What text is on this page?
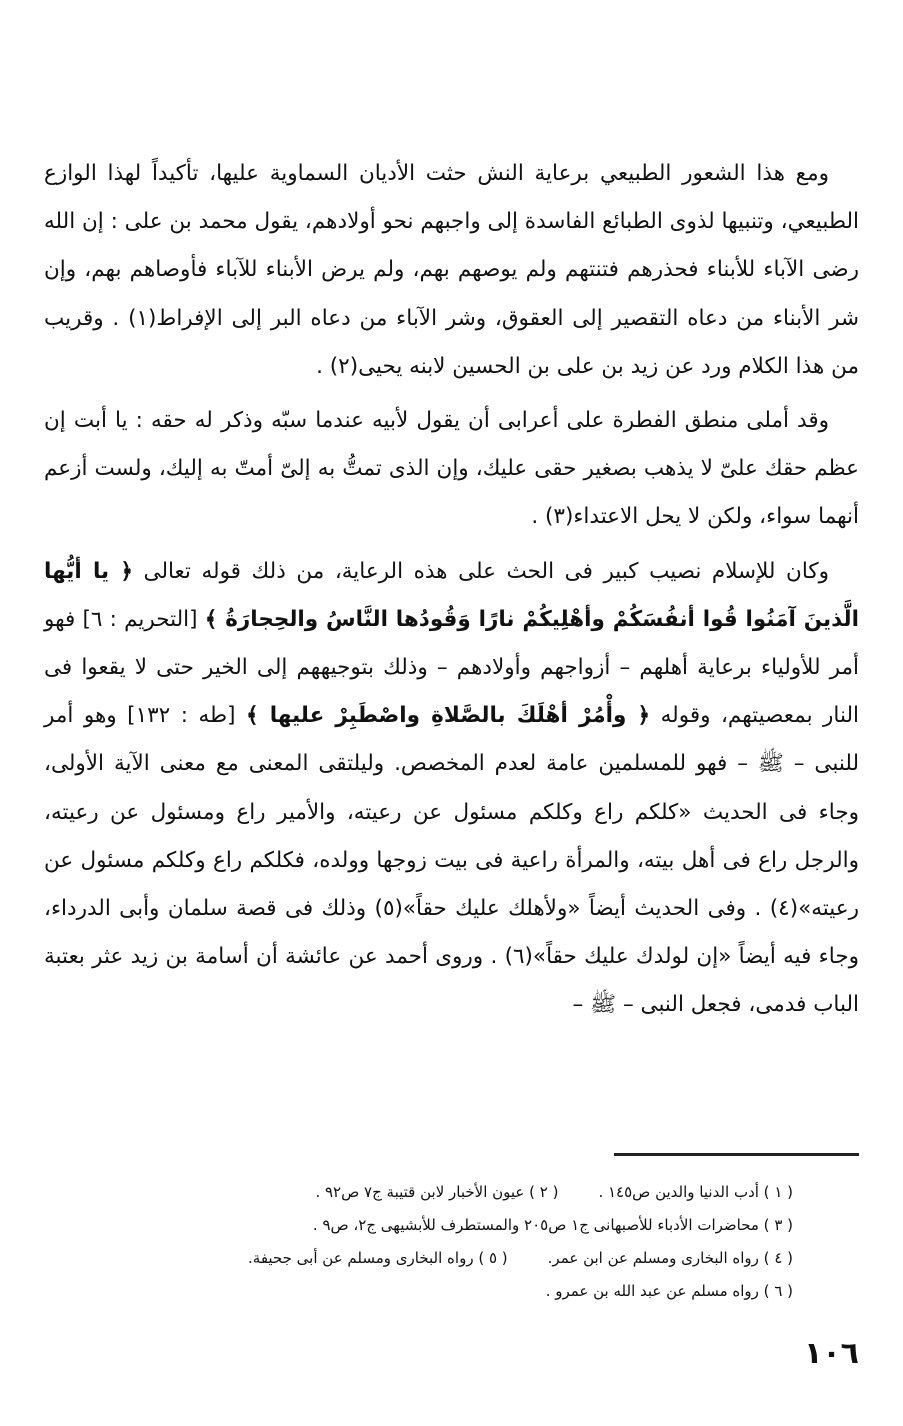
ومع هذا الشعور الطبيعي برعاية النش حثت الأديان السماوية عليها، تأكيداً لهذا الوازع الطبيعي، وتنبيها لذوى الطبائع الفاسدة إلى واجبهم نحو أولادهم، يقول محمد بن على : إن الله رضى الآباء للأبناء فحذرهم فتنتهم ولم يوصهم بهم، ولم يرض الأبناء للآباء فأوصاهم بهم، وإن شر الأبناء من دعاه التقصير إلى العقوق، وشر الآباء من دعاه البر إلى الإفراط(١) . وقريب من هذا الكلام ورد عن زيد بن على بن الحسين لابنه يحيى(٢) .

وقد أملى منطق الفطرة على أعرابى أن يقول لأبيه عندما سبّه وذكر له حقه : يا أبت إن عظم حقك علىّ لا يذهب بصغير حقى عليك، وإن الذى تمتُّ به إلىّ أمتّ به إليك، ولست أزعم أنهما سواء، ولكن لا يحل الاعتداء(٣) .

وكان للإسلام نصيب كبير فى الحث على هذه الرعاية، من ذلك قوله تعالى ﴿ يا أيُّها الَّذينَ آمَنُوا قُوا أنفُسَكُمْ وأهْلِيكُمْ نارًا وَقُودُها النَّاسُ والحِجارَةُ ﴾ [التحريم : ٦] فهو أمر للأولياء برعاية أهلهم – أزواجهم وأولادهم – وذلك بتوجيههم إلى الخير حتى لا يقعوا فى النار بمعصيتهم، وقوله ﴿ وأْمُرْ أهْلَكَ بالصَّلاةِ واصْطَبِرْ عليها ﴾ [طه : ١٣٢] وهو أمر للنبى – ﷺ – فهو للمسلمين عامة لعدم المخصص. وليلتقى المعنى مع معنى الآية الأولى، وجاء فى الحديث «كلكم راع وكلكم مسئول عن رعيته، والأمير راع ومسئول عن رعيته، والرجل راع فى أهل بيته، والمرأة راعية فى بيت زوجها وولده، فكلكم راع وكلكم مسئول عن رعيته»(٤) . وفى الحديث أيضاً «ولأهلك عليك حقاً»(٥) وذلك فى قصة سلمان وأبى الدرداء، وجاء فيه أيضاً «إن لولدك عليك حقاً»(٦) . وروى أحمد عن عائشة أن أسامة بن زيد عثر بعتبة الباب فدمى، فجعل النبى – ﷺ –

( ١ ) أدب الدنيا والدين ص١٤٥ .( ٢ ) عيون الأخبار لابن قتيبة ج٧ ص٩٢ .
( ٣ ) محاضرات الأدباء للأصبهانى ج١ ص٢٠٥ والمستطرف للأبشيهى ج٢، ص٩ .
( ٤ ) رواه البخارى ومسلم عن ابن عمر.( ٥ ) رواه البخارى ومسلم عن أبى جحيفة.
( ٦ ) رواه مسلم عن عبد الله بن عمرو .
١٠٦
